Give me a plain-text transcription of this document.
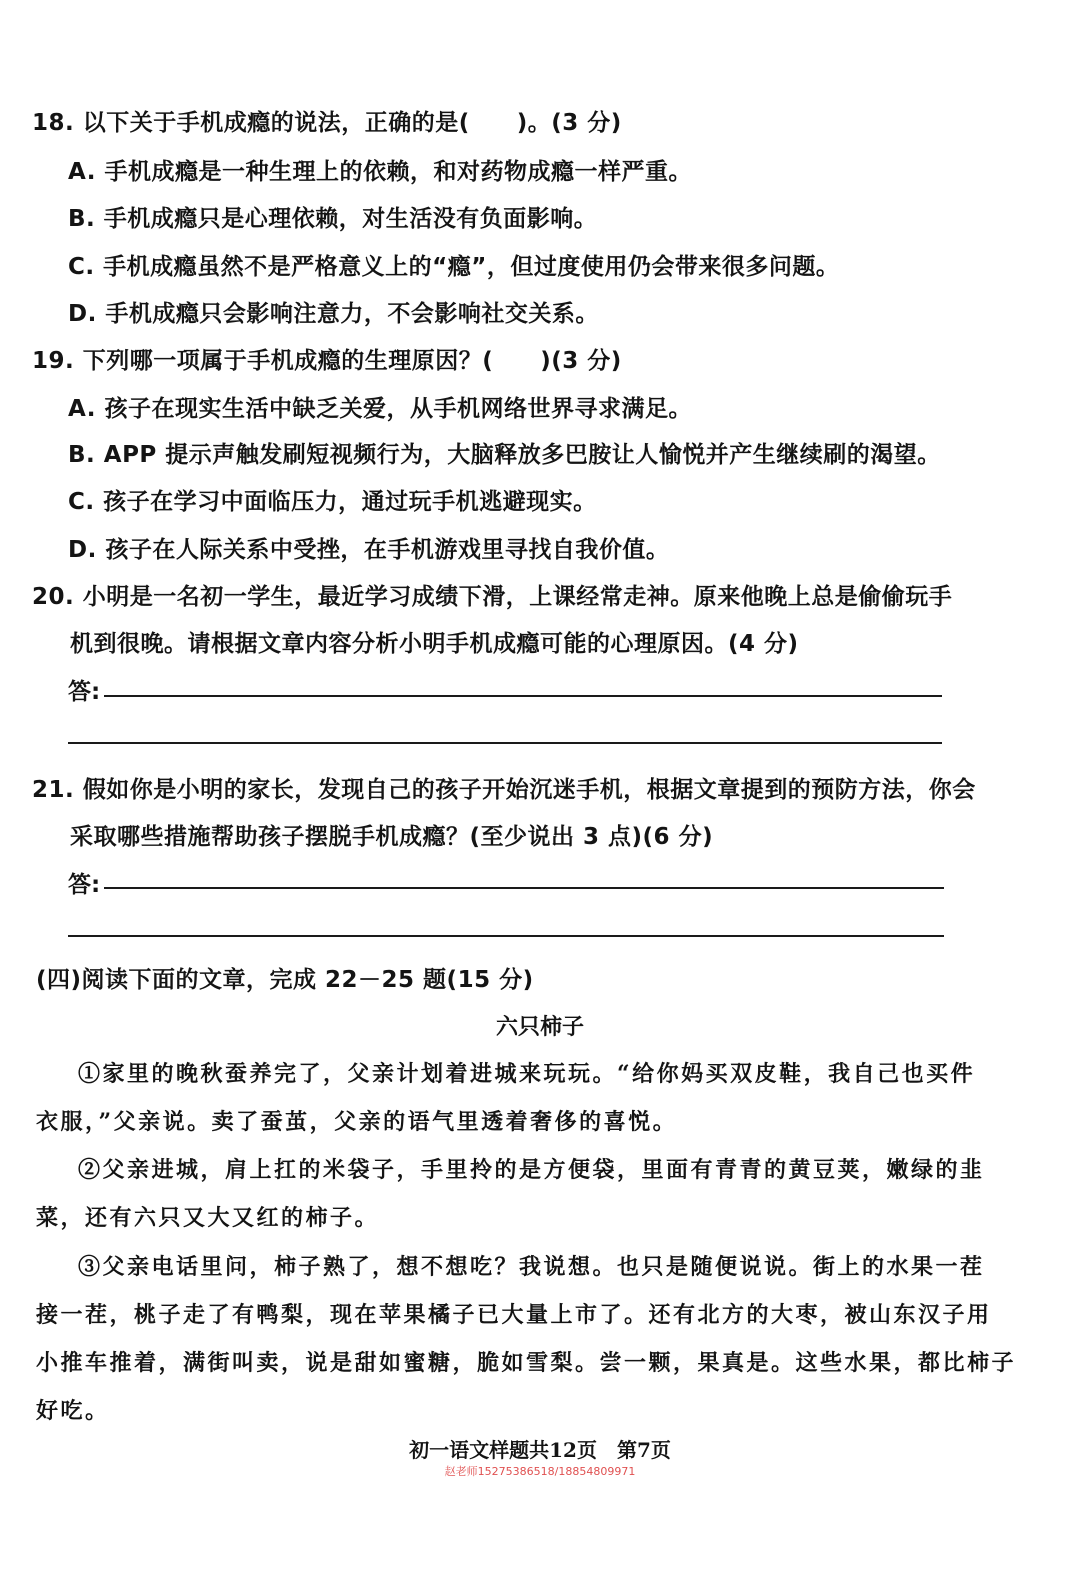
18. 以下关于手机成瘾的说法，正确的是(　　)。(3 分)
A. 手机成瘾是一种生理上的依赖，和对药物成瘾一样严重。
B. 手机成瘾只是心理依赖，对生活没有负面影响。
C. 手机成瘾虽然不是严格意义上的“瘾”，但过度使用仍会带来很多问题。
D. 手机成瘾只会影响注意力，不会影响社交关系。
19. 下列哪一项属于手机成瘾的生理原因？(　　)(3 分)
A. 孩子在现实生活中缺乏关爱，从手机网络世界寻求满足。
B. APP 提示声触发刷短视频行为，大脑释放多巴胺让人愉悦并产生继续刷的渴望。
C. 孩子在学习中面临压力，通过玩手机逃避现实。
D. 孩子在人际关系中受挫，在手机游戏里寻找自我价值。
20. 小明是一名初一学生，最近学习成绩下滑，上课经常走神。原来他晚上总是偷偷玩手
机到很晚。请根据文章内容分析小明手机成瘾可能的心理原因。(4 分)
答:
21. 假如你是小明的家长，发现自己的孩子开始沉迷手机，根据文章提到的预防方法，你会
采取哪些措施帮助孩子摆脱手机成瘾？(至少说出 3 点)(6 分)
答:
(四)阅读下面的文章，完成 22－25 题(15 分)
六只柿子
①家里的晚秋蚕养完了，父亲计划着进城来玩玩。“给你妈买双皮鞋，我自己也买件
衣服，”父亲说。卖了蚕茧，父亲的语气里透着奢侈的喜悦。
②父亲进城，肩上扛的米袋子，手里拎的是方便袋，里面有青青的黄豆荚，嫩绿的韭
菜，还有六只又大又红的柿子。
③父亲电话里问，柿子熟了，想不想吃？我说想。也只是随便说说。街上的水果一茬
接一茬，桃子走了有鸭梨，现在苹果橘子已大量上市了。还有北方的大枣，被山东汉子用
小推车推着，满街叫卖，说是甜如蜜糖，脆如雪梨。尝一颗，果真是。这些水果，都比柿子
好吃。
初一语文样题共12页　第7页
赵老师15275386518/18854809971
